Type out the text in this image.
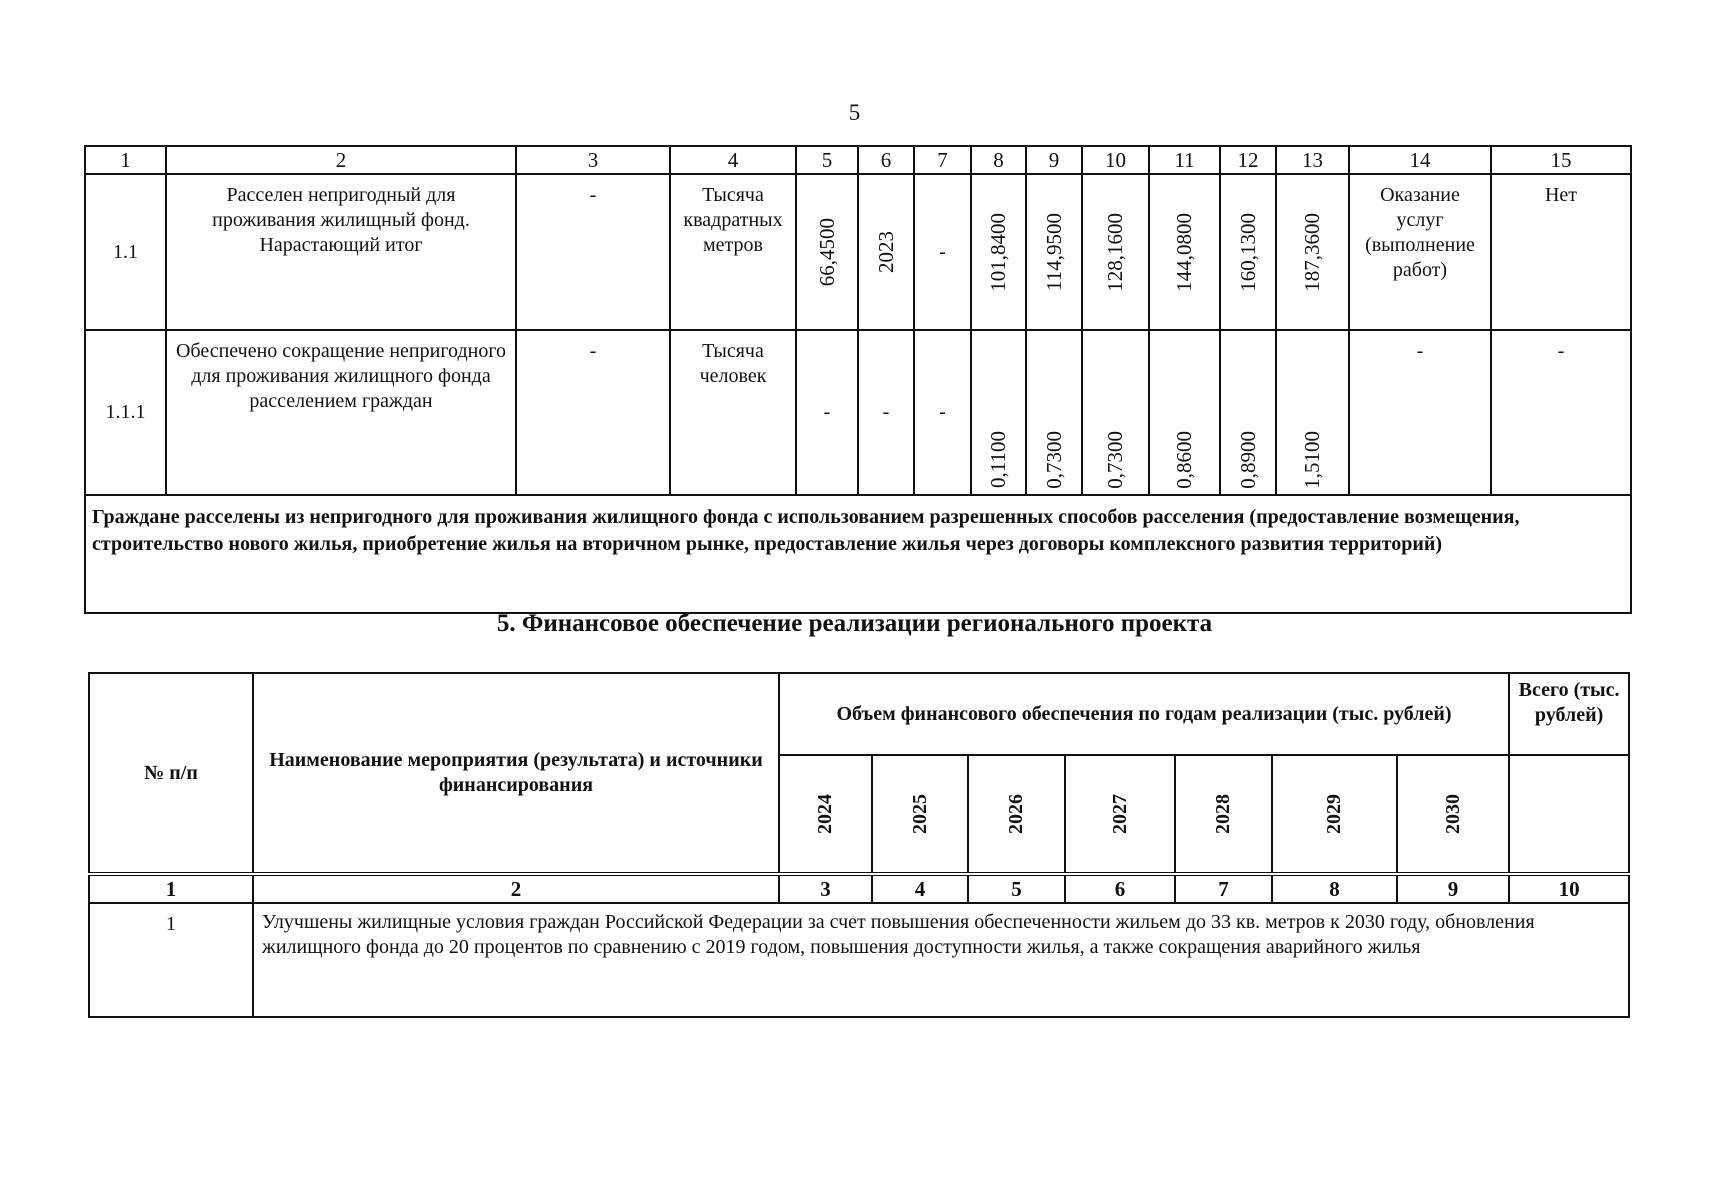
5
1	2	3	4	5	6	7	8	9	10	11	12	13	14	15
1.1	Расселен непригодный для проживания жилищный фонд. Нарастающий итог	-	Тысяча квадратных метров	66,4500	2023	-	101,8400	114,9500	128,1600	144,0800	160,1300	187,3600	Оказание услуг (выполнение работ)	Нет
1.1.1	Обеспечено сокращение непригодного для проживания жилищного фонда расселением граждан	-	Тысяча человек	-	-	-	0,1100	0,7300	0,7300	0,8600	0,8900	1,5100	-	-
Граждане расселены из непригодного для проживания жилищного фонда с использованием разрешенных способов расселения (предоставление возмещения, строительство нового жилья, приобретение жилья на вторичном рынке, предоставление жилья через договоры комплексного развития территорий)														
5. Финансовое обеспечение реализации регионального проекта
№ п/п	Наименование мероприятия (результата) и источники финансирования	Объем финансового обеспечения по годам реализации (тыс. рублей)							Всего (тыс. рублей)

		2024	2025	2026	2027	2028	2029	2030	

1	2	3	4	5	6	7	8	9	10
1	Улучшены жилищные условия граждан Российской Федерации за счет повышения обеспеченности жильем до 33 кв. метров к 2030 году, обновления жилищного фонда до 20 процентов по сравнению с 2019 годом, повышения доступности жилья, а также сокращения аварийного жилья								
